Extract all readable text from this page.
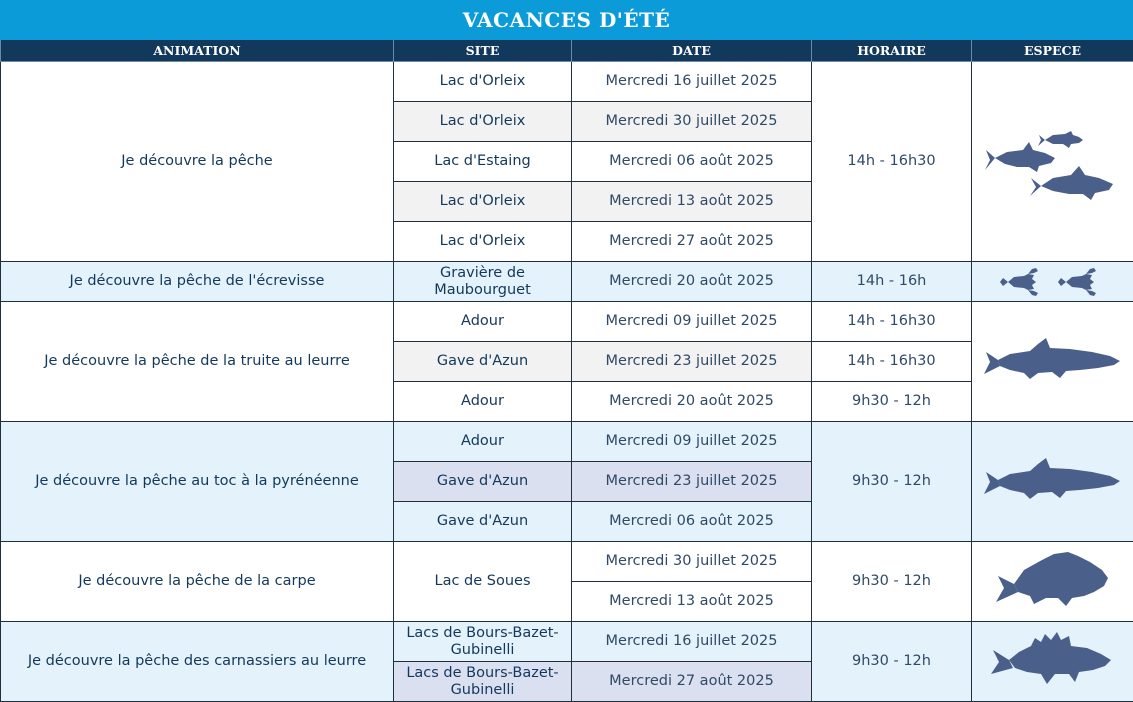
VACANCES D'ÉTÉ
ANIMATION	SITE	DATE	HORAIRE	ESPECE
Je découvre la pêche	Lac d'Orleix	Mercredi 16 juillet 2025	14h - 16h30	

	Lac d'Orleix	Mercredi 30 juillet 2025		
	Lac d'Estaing	Mercredi 06 août 2025		
	Lac d'Orleix	Mercredi 13 août 2025		
	Lac d'Orleix	Mercredi 27 août 2025		
Je découvre la pêche de l'écrevisse	Gravière de Maubourguet	Mercredi 20 août 2025	14h - 16h	

Je découvre la pêche de la truite au leurre	Adour	Mercredi 09 juillet 2025	14h - 16h30	

	Gave d'Azun	Mercredi 23 juillet 2025	14h - 16h30	
	Adour	Mercredi 20 août 2025	9h30 - 12h	
Je découvre la pêche au toc à la pyrénéenne	Adour	Mercredi 09 juillet 2025	9h30 - 12h	

	Gave d'Azun	Mercredi 23 juillet 2025		
	Gave d'Azun	Mercredi 06 août 2025		
Je découvre la pêche de la carpe	Lac de Soues	Mercredi 30 juillet 2025	9h30 - 12h	

		Mercredi 13 août 2025		
Je découvre la pêche des carnassiers au leurre	Lacs de Bours-Bazet-Gubinelli	Mercredi 16 juillet 2025	9h30 - 12h	

	Lacs de Bours-Bazet-Gubinelli	Mercredi 27 août 2025		
